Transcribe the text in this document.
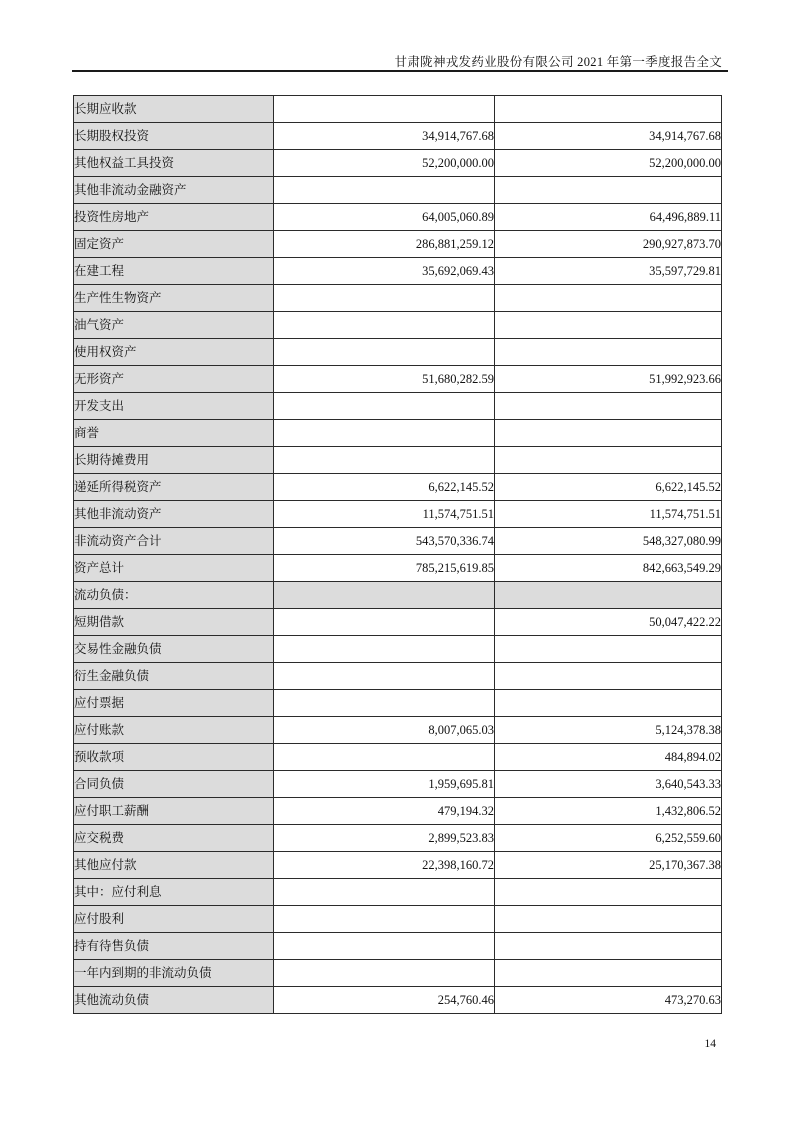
甘肃陇神戎发药业股份有限公司 2021 年第一季度报告全文
长期应收款		
长期股权投资	34,914,767.68	34,914,767.68
其他权益工具投资	52,200,000.00	52,200,000.00
其他非流动金融资产		
投资性房地产	64,005,060.89	64,496,889.11
固定资产	286,881,259.12	290,927,873.70
在建工程	35,692,069.43	35,597,729.81
生产性生物资产		
油气资产		
使用权资产		
无形资产	51,680,282.59	51,992,923.66
开发支出		
商誉		
长期待摊费用		
递延所得税资产	6,622,145.52	6,622,145.52
其他非流动资产	11,574,751.51	11,574,751.51
非流动资产合计	543,570,336.74	548,327,080.99
资产总计	785,215,619.85	842,663,549.29
流动负债：		
短期借款		50,047,422.22
交易性金融负债		
衍生金融负债		
应付票据		
应付账款	8,007,065.03	5,124,378.38
预收款项		484,894.02
合同负债	1,959,695.81	3,640,543.33
应付职工薪酬	479,194.32	1,432,806.52
应交税费	2,899,523.83	6,252,559.60
其他应付款	22,398,160.72	25,170,367.38
其中：应付利息		
应付股利		
持有待售负债		
一年内到期的非流动负债		
其他流动负债	254,760.46	473,270.63
14
